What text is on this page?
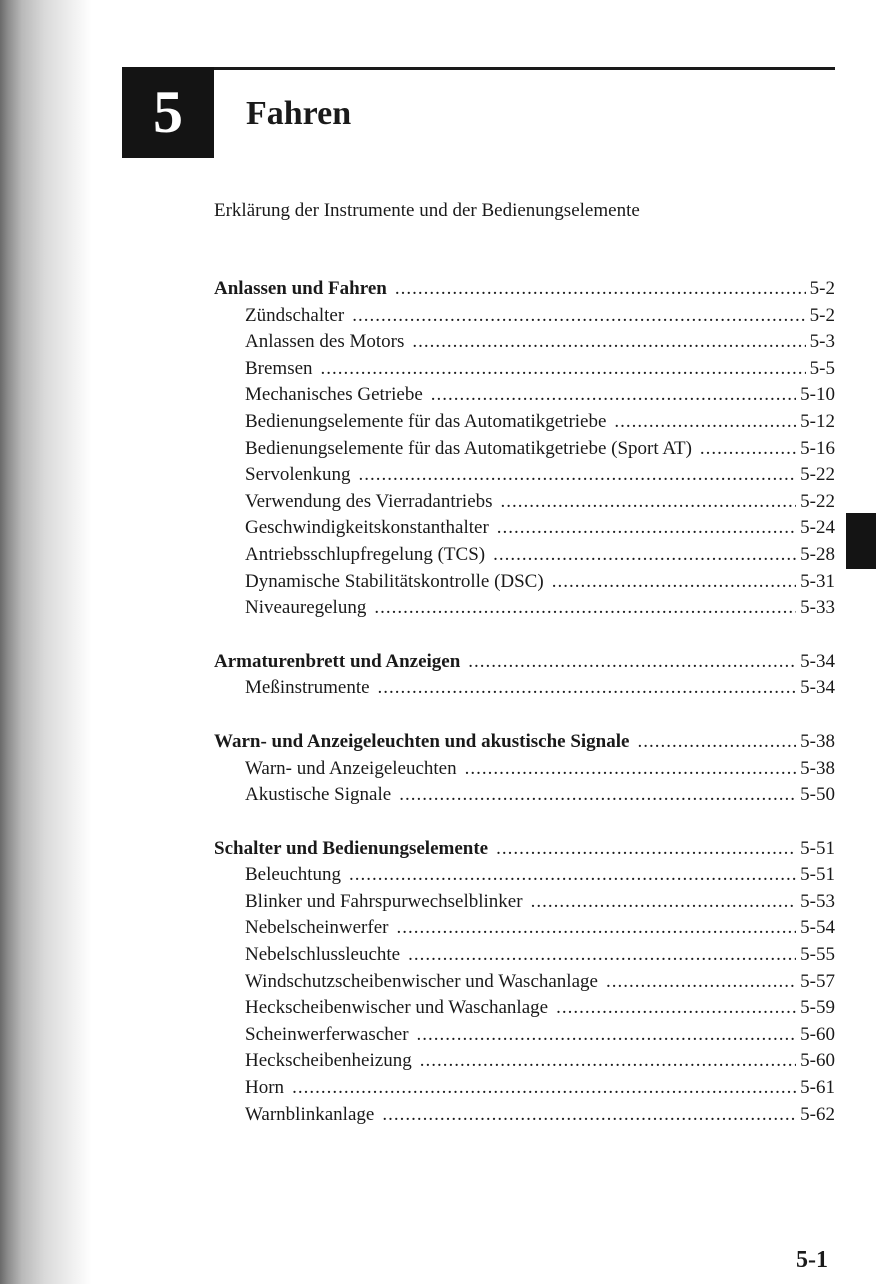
5	Fahren
Erklärung der Instrumente und der Bedienungselemente
Anlassen und Fahren .....	5-2
Zündschalter .....	5-2
Anlassen des Motors .....	5-3
Bremsen .....	5-5
Mechanisches Getriebe .....	5-10
Bedienungselemente für das Automatikgetriebe .....	5-12
Bedienungselemente für das Automatikgetriebe (Sport AT) .....	5-16
Servolenkung .....	5-22
Verwendung des Vierradantriebs .....	5-22
Geschwindigkeitskonstanthalter .....	5-24
Antriebsschlupfregelung (TCS) .....	5-28
Dynamische Stabilitätskontrolle (DSC) .....	5-31
Niveauregelung .....	5-33
Armaturenbrett und Anzeigen .....	5-34
Meßinstrumente .....	5-34
Warn- und Anzeigeleuchten und akustische Signale .....	5-38
Warn- und Anzeigeleuchten .....	5-38
Akustische Signale .....	5-50
Schalter und Bedienungselemente .....	5-51
Beleuchtung .....	5-51
Blinker und Fahrspurwechselblinker .....	5-53
Nebelscheinwerfer .....	5-54
Nebelschlussleuchte .....	5-55
Windschutzscheibenwischer und Waschanlage .....	5-57
Heckscheibenwischer und Waschanlage .....	5-59
Scheinwerferwascher .....	5-60
Heckscheibenheizung .....	5-60
Horn .....	5-61
Warnblinkanlage .....	5-62
5-1
